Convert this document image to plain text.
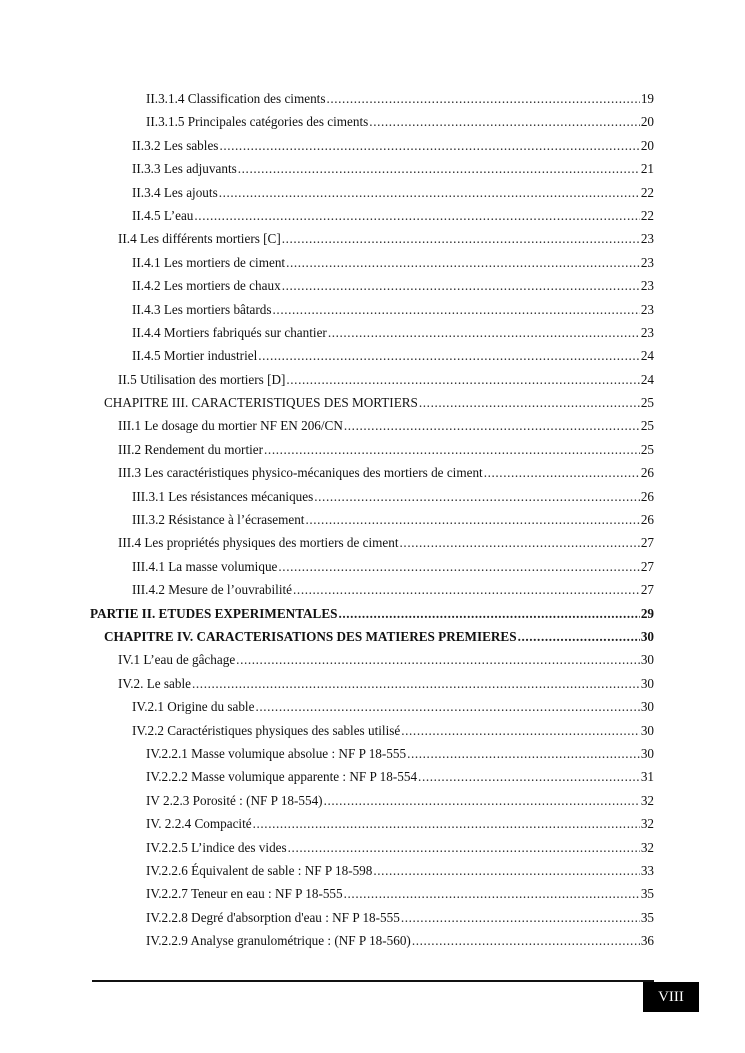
II.3.1.4 Classification des ciments .....	19
II.3.1.5 Principales catégories des ciments .....	20
II.3.2 Les sables .....	20
II.3.3 Les adjuvants .....	21
II.3.4 Les ajouts .....	22
II.4.5 L’eau .....	22
II.4 Les différents mortiers [C] .....	23
II.4.1 Les mortiers de ciment .....	23
II.4.2 Les mortiers de chaux .....	23
II.4.3 Les mortiers bâtards .....	23
II.4.4 Mortiers fabriqués sur chantier .....	23
II.4.5 Mortier industriel .....	24
II.5 Utilisation des mortiers [D] .....	24
CHAPITRE III. CARACTERISTIQUES DES MORTIERS .....	25
III.1 Le dosage du mortier NF EN 206/CN .....	25
III.2 Rendement du mortier .....	25
III.3 Les caractéristiques physico-mécaniques des mortiers de ciment .....	26
III.3.1 Les résistances mécaniques .....	26
III.3.2 Résistance à l’écrasement .....	26
III.4 Les propriétés physiques des mortiers de ciment .....	27
III.4.1 La masse volumique .....	27
III.4.2 Mesure de l’ouvrabilité .....	27
PARTIE II. ETUDES EXPERIMENTALES .....	29
CHAPITRE IV. CARACTERISATIONS DES MATIERES PREMIERES .....	30
IV.1 L’eau de gâchage .....	30
IV.2. Le sable .....	30
IV.2.1 Origine du sable .....	30
IV.2.2 Caractéristiques physiques des sables utilisé .....	30
IV.2.2.1 Masse volumique absolue : NF P 18-555 .....	30
IV.2.2.2 Masse volumique apparente : NF P 18-554 .....	31
IV 2.2.3 Porosité : (NF P 18-554) .....	32
IV. 2.2.4 Compacité .....	32
IV.2.2.5 L’indice des vides .....	32
IV.2.2.6 Équivalent de sable : NF P 18-598 .....	33
IV.2.2.7 Teneur en eau : NF P 18-555 .....	35
IV.2.2.8 Degré d'absorption d'eau : NF P 18-555 .....	35
IV.2.2.9 Analyse granulométrique : (NF P 18-560) .....	36
VIII
